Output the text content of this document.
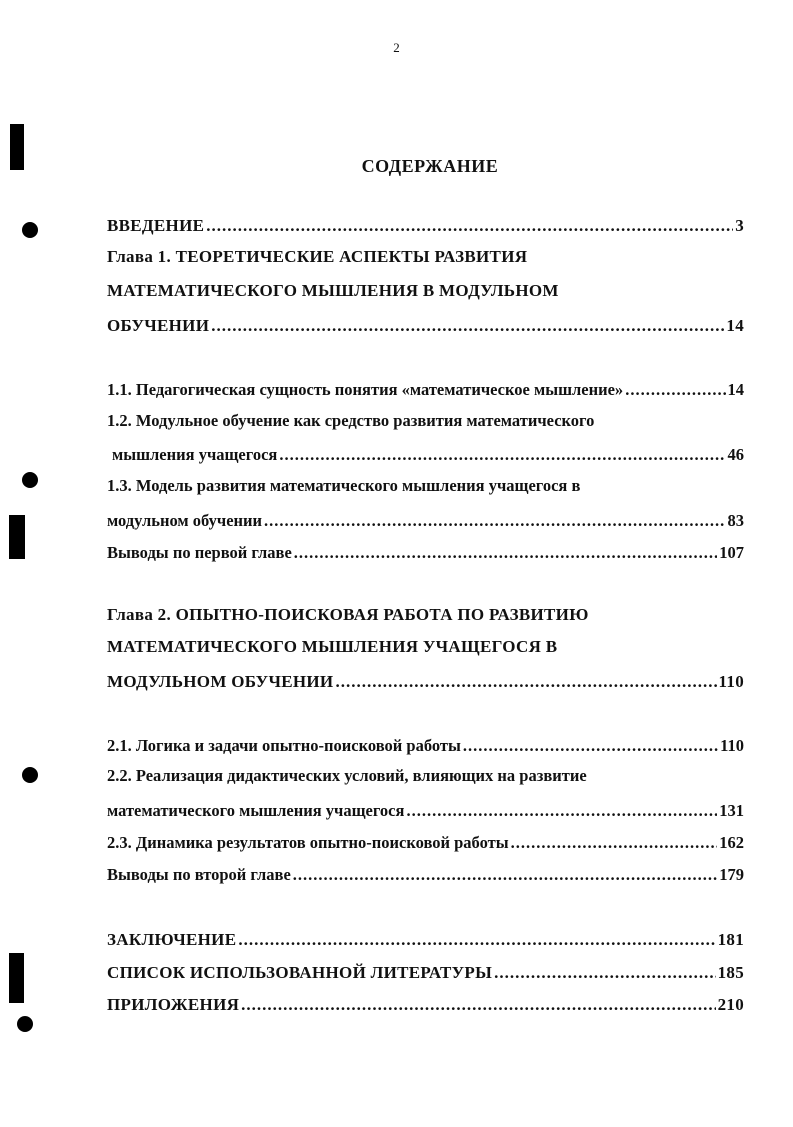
2
СОДЕРЖАНИЕ
ВВЕДЕНИЕ .....	3
Глава 1. ТЕОРЕТИЧЕСКИЕ АСПЕКТЫ РАЗВИТИЯ
МАТЕМАТИЧЕСКОГО МЫШЛЕНИЯ В МОДУЛЬНОМ
ОБУЧЕНИИ .....	14
1.1. Педагогическая сущность понятия «математическое мышление» .....	14
1.2. Модульное обучение как средство развития математического
мышления учащегося .....	46
1.3. Модель развития математического мышления учащегося в
модульном обучении .....	83
Выводы по первой главе .....	107
Глава 2. ОПЫТНО-ПОИСКОВАЯ РАБОТА ПО РАЗВИТИЮ
МАТЕМАТИЧЕСКОГО МЫШЛЕНИЯ УЧАЩЕГОСЯ В
МОДУЛЬНОМ ОБУЧЕНИИ .....	110
2.1. Логика и задачи опытно-поисковой работы .....	110
2.2. Реализация дидактических условий, влияющих на развитие
математического мышления учащегося .....	131
2.3. Динамика результатов опытно-поисковой работы .....	162
Выводы по второй главе .....	179
ЗАКЛЮЧЕНИЕ .....	181
СПИСОК ИСПОЛЬЗОВАННОЙ ЛИТЕРАТУРЫ .....	185
ПРИЛОЖЕНИЯ .....	210
